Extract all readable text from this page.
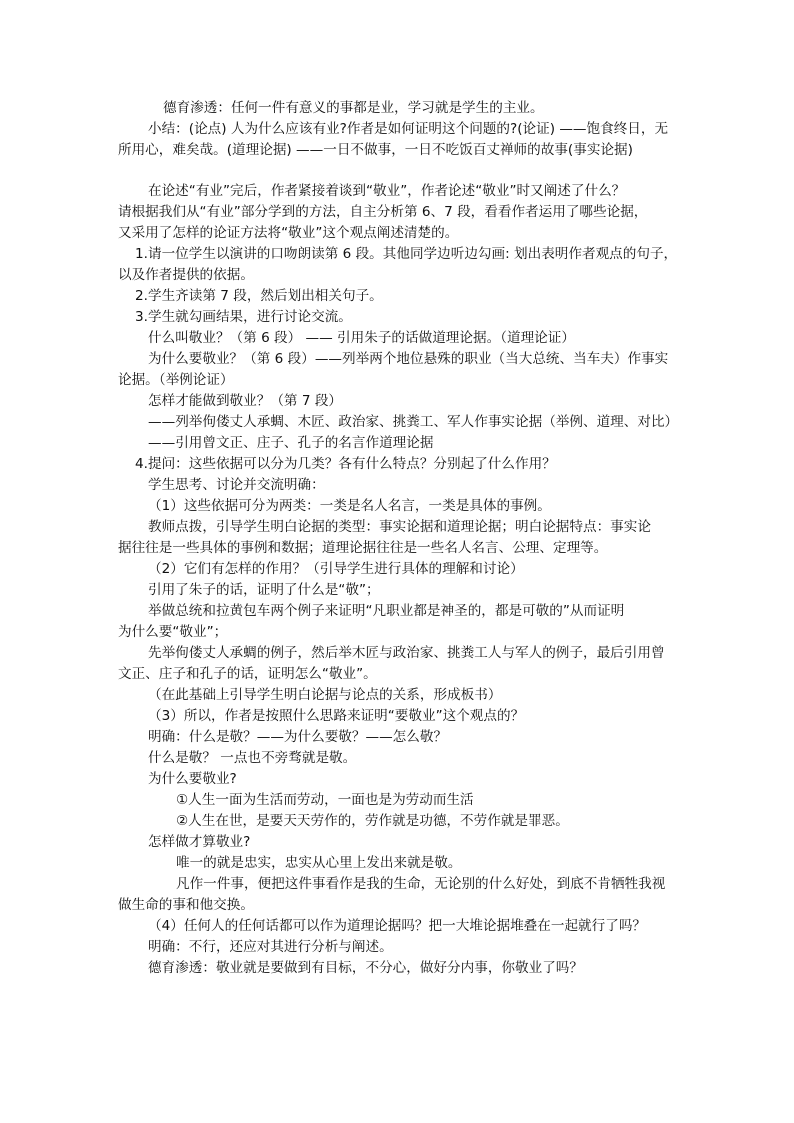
德育渗透：任何一件有意义的事都是业，学习就是学生的主业。
小结：(论点) 人为什么应该有业?作者是如何证明这个问题的?(论证) ——饱食终日，无
所用心，难矣哉。(道理论据) ——一日不做事，一日不吃饭百丈禅师的故事(事实论据)
在论述“有业”完后，作者紧接着谈到“敬业”，作者论述“敬业”时又阐述了什么？
请根据我们从“有业”部分学到的方法，自主分析第 6、7 段，看看作者运用了哪些论据，
又采用了怎样的论证方法将“敬业”这个观点阐述清楚的。
1.请一位学生以演讲的口吻朗读第 6 段。其他同学边听边勾画: 划出表明作者观点的句子，
以及作者提供的依据。
2.学生齐读第 7 段，然后划出相关句子。
3.学生就勾画结果，进行讨论交流。
什么叫敬业？（第 6 段） —— 引用朱子的话做道理论据。（道理论证）
为什么要敬业？（第 6 段）——列举两个地位悬殊的职业（当大总统、当车夫）作事实
论据。（举例论证）
怎样才能做到敬业？（第 7 段）
——列举佝偻丈人承蜩、木匠、政治家、挑粪工、军人作事实论据（举例、道理、对比）
——引用曾文正、庄子、孔子的名言作道理论据
4.提问：这些依据可以分为几类？各有什么特点？分别起了什么作用？
学生思考、讨论并交流明确：
（1）这些依据可分为两类：一类是名人名言，一类是具体的事例。
教师点拨，引导学生明白论据的类型：事实论据和道理论据；明白论据特点：事实论
据往往是一些具体的事例和数据；道理论据往往是一些名人名言、公理、定理等。
（2）它们有怎样的作用？（引导学生进行具体的理解和讨论）
引用了朱子的话，证明了什么是“敬”；
举做总统和拉黄包车两个例子来证明“凡职业都是神圣的，都是可敬的”从而证明
为什么要“敬业”；
先举佝偻丈人承蜩的例子，然后举木匠与政治家、挑粪工人与军人的例子，最后引用曾
文正、庄子和孔子的话，证明怎么“敬业”。
（在此基础上引导学生明白论据与论点的关系，形成板书）
（3）所以，作者是按照什么思路来证明“要敬业”这个观点的？
明确：什么是敬？——为什么要敬？——怎么敬？
什么是敬？ 一点也不旁骛就是敬。
为什么要敬业?
①人生一面为生活而劳动，一面也是为劳动而生活
②人生在世，是要天天劳作的，劳作就是功德，不劳作就是罪恶。
怎样做才算敬业?
唯一的就是忠实，忠实从心里上发出来就是敬。
凡作一件事，便把这件事看作是我的生命，无论别的什么好处，到底不肯牺牲我视
做生命的事和他交换。
（4）任何人的任何话都可以作为道理论据吗？把一大堆论据堆叠在一起就行了吗？
明确：不行，还应对其进行分析与阐述。
德育渗透：敬业就是要做到有目标，不分心，做好分内事，你敬业了吗？
